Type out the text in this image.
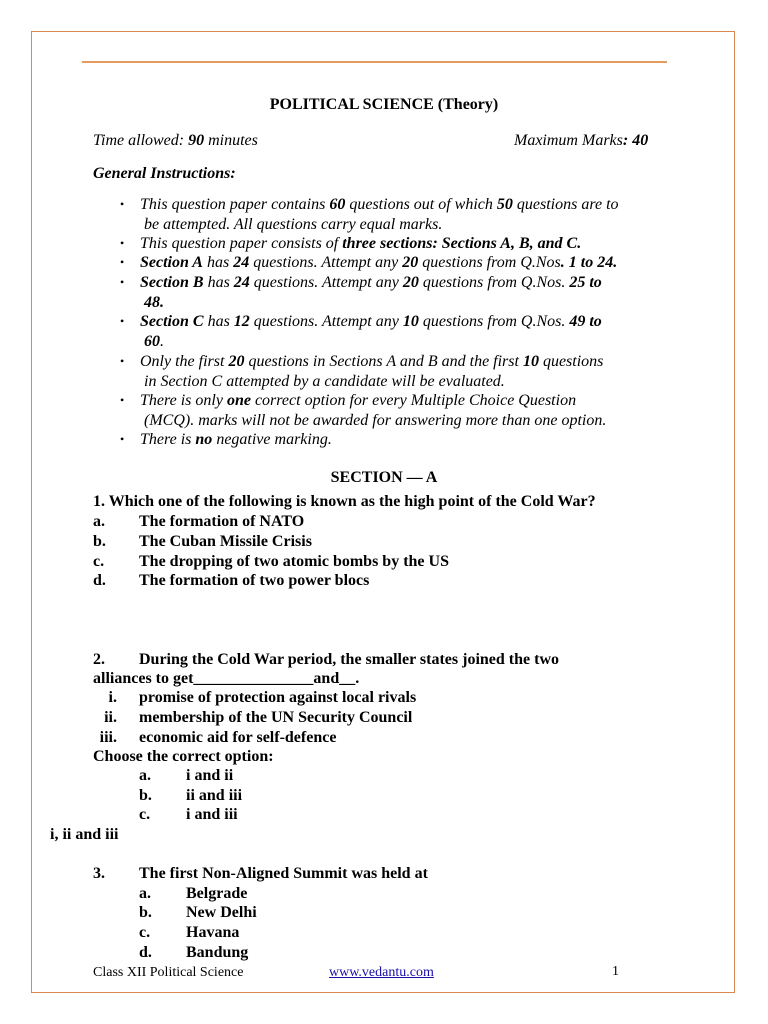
POLITICAL SCIENCE (Theory)
Time allowed: 90 minutes	Maximum Marks: 40
General Instructions:
• This question paper contains 60 questions out of which 50 questions are to
be attempted. All questions carry equal marks.
• This question paper consists of three sections: Sections A, B, and C.
• Section A has 24 questions. Attempt any 20 questions from Q.Nos. 1 to 24.
• Section B has 24 questions. Attempt any 20 questions from Q.Nos. 25 to
48.
• Section C has 12 questions. Attempt any 10 questions from Q.Nos. 49 to
60.
• Only the first 20 questions in Sections A and B and the first 10 questions
in Section C attempted by a candidate will be evaluated.
• There is only one correct option for every Multiple Choice Question
(MCQ). marks will not be awarded for answering more than one option.
• There is no negative marking.
SECTION — A
1. Which one of the following is known as the high point of the Cold War?
a. The formation of NATO
b. The Cuban Missile Crisis
c. The dropping of two atomic bombs by the US
d. The formation of two power blocs
2. During the Cold War period, the smaller states joined the two
alliances to get_______________and__.
i. promise of protection against local rivals
ii. membership of the UN Security Council
iii. economic aid for self-defence
Choose the correct option:
a. i and ii
b. ii and iii
c. i and iii
i, ii and iii
3. The first Non-Aligned Summit was held at
a. Belgrade
b. New Delhi
c. Havana
d. Bandung
Class XII Political Science	www.vedantu.com	1
